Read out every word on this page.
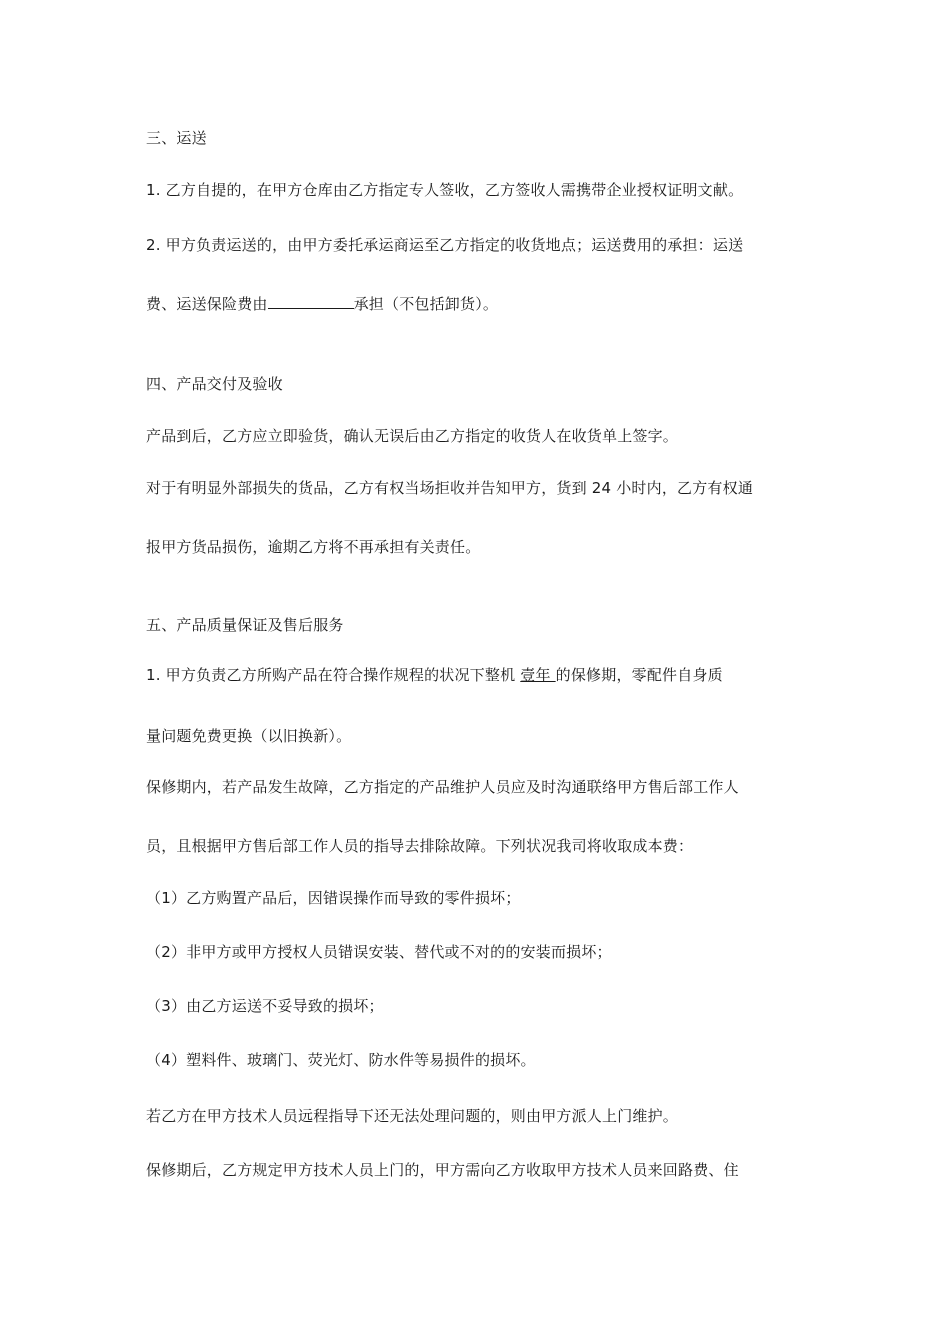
三、运送

1. 乙方自提的，在甲方仓库由乙方指定专人签收，乙方签收人需携带企业授权证明文献。

2. 甲方负责运送的，由甲方委托承运商运至乙方指定的收货地点；运送费用的承担：运送

费、运送保险费由	承担（不包括卸货）。

四、产品交付及验收

产品到后，乙方应立即验货，确认无误后由乙方指定的收货人在收货单上签字。

对于有明显外部损失的货品，乙方有权当场拒收并告知甲方，货到 24 小时内，乙方有权通

报甲方货品损伤，逾期乙方将不再承担有关责任。

五、产品质量保证及售后服务

1. 甲方负责乙方所购产品在符合操作规程的状况下整机 壹年 的保修期，零配件自身质

量问题免费更换（以旧换新）。

保修期内，若产品发生故障，乙方指定的产品维护人员应及时沟通联络甲方售后部工作人

员，且根据甲方售后部工作人员的指导去排除故障。下列状况我司将收取成本费：

（1）乙方购置产品后，因错误操作而导致的零件损坏；

（2）非甲方或甲方授权人员错误安装、替代或不对的的安装而损坏；

（3）由乙方运送不妥导致的损坏；

（4）塑料件、玻璃门、荧光灯、防水件等易损件的损坏。

若乙方在甲方技术人员远程指导下还无法处理问题的，则由甲方派人上门维护。

保修期后，乙方规定甲方技术人员上门的，甲方需向乙方收取甲方技术人员来回路费、住
